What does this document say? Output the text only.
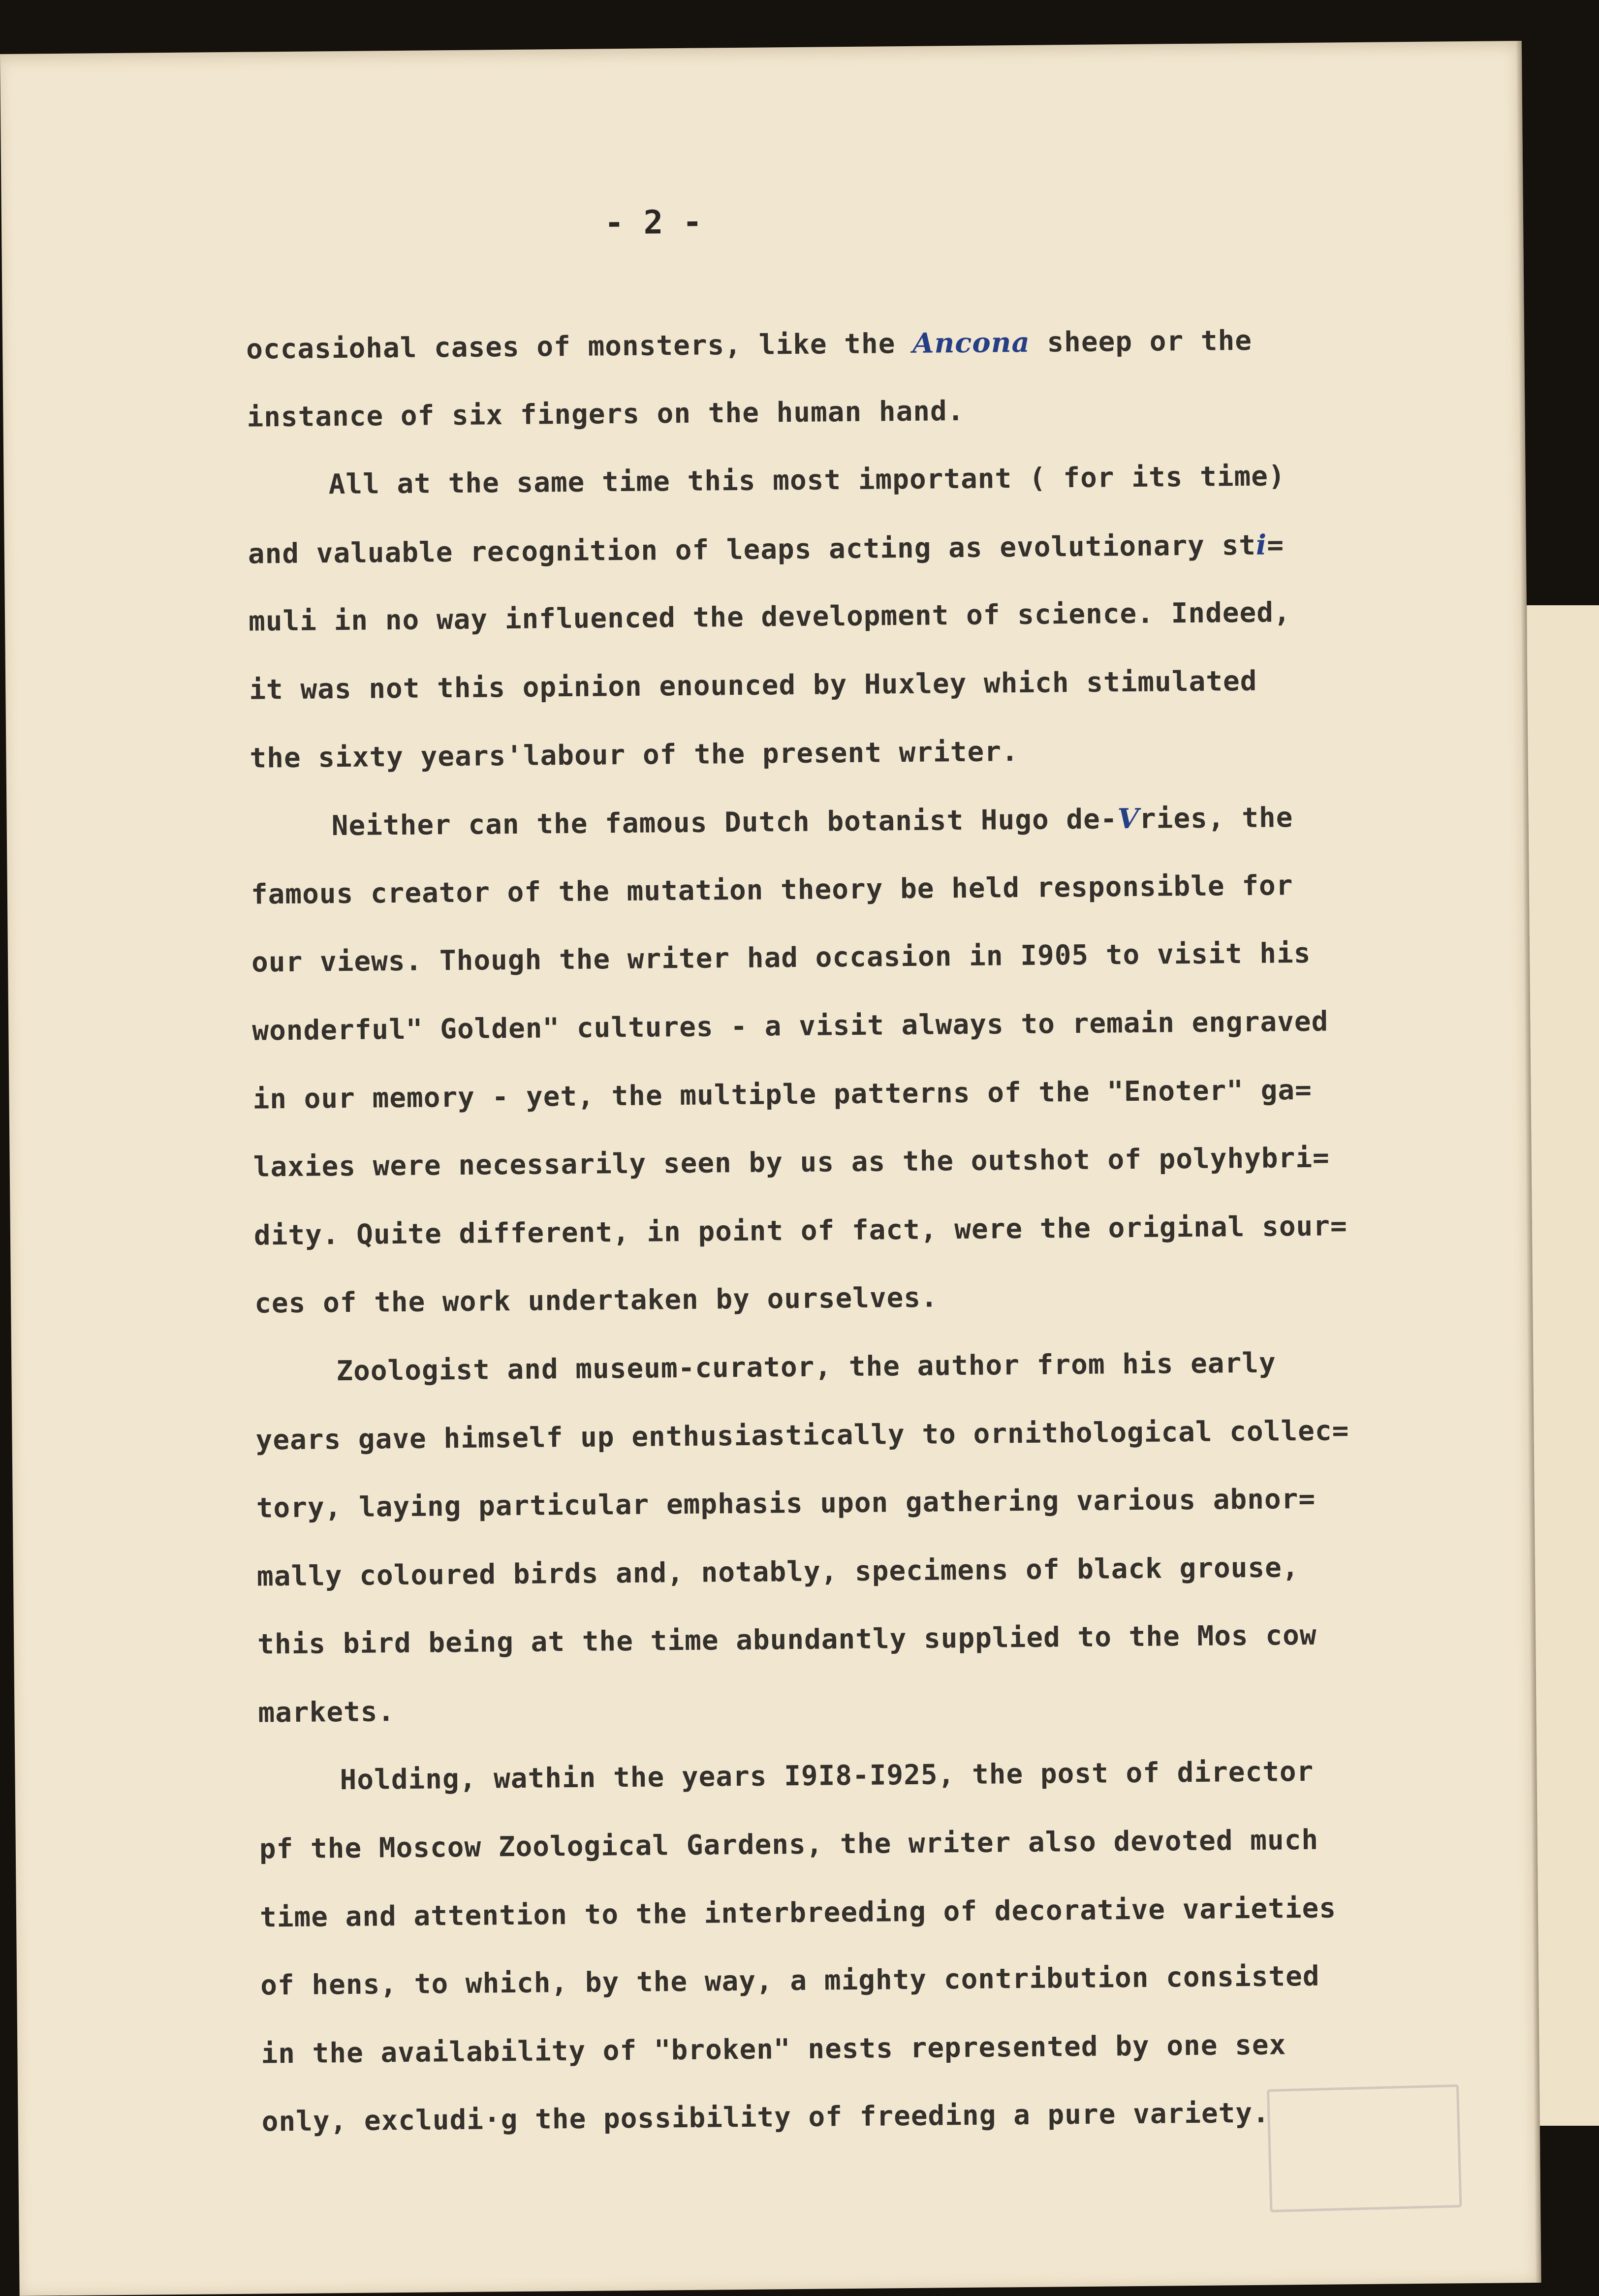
- 2 -

occasiohal cases of monsters, like the Ancona sheep or the
instance of six fingers on the human hand.
All at the same time this most important ( for its time)
and valuable recognition of leaps acting as evolutionary sti=
muli in no way influenced the development of science. Indeed,
it was not this opinion enounced by Huxley which stimulated
the sixty years'labour of the present writer.
Neither can the famous Dutch botanist Hugo de-Vries, the
famous creator of the mutation theory be held responsible for
our views. Though the writer had occasion in I905 to visit his
wonderful" Golden" cultures - a visit always to remain engraved
in our memory - yet, the multiple patterns of the "Enoter" ga=
laxies were necessarily seen by us as the outshot of polyhybri=
dity. Quite different, in point of fact, were the original sour=
ces of the work undertaken by ourselves.
Zoologist and museum-curator, the author from his early
years gave himself up enthusiastically to ornithological collec=
tory, laying particular emphasis upon gathering various abnor=
mally coloured birds and, notably, specimens of black grouse,
this bird being at the time abundantly supplied to the Mos cow
markets.
Holding, wathin the years I9I8-I925, the post of director
pf the Moscow Zoological Gardens, the writer also devoted much
time and attention to the interbreeding of decorative varieties
of hens, to which, by the way, a mighty contribution consisted
in the availability of "broken" nests represented by one sex
only, excludi·g the possibility of freeding a pure variety.
